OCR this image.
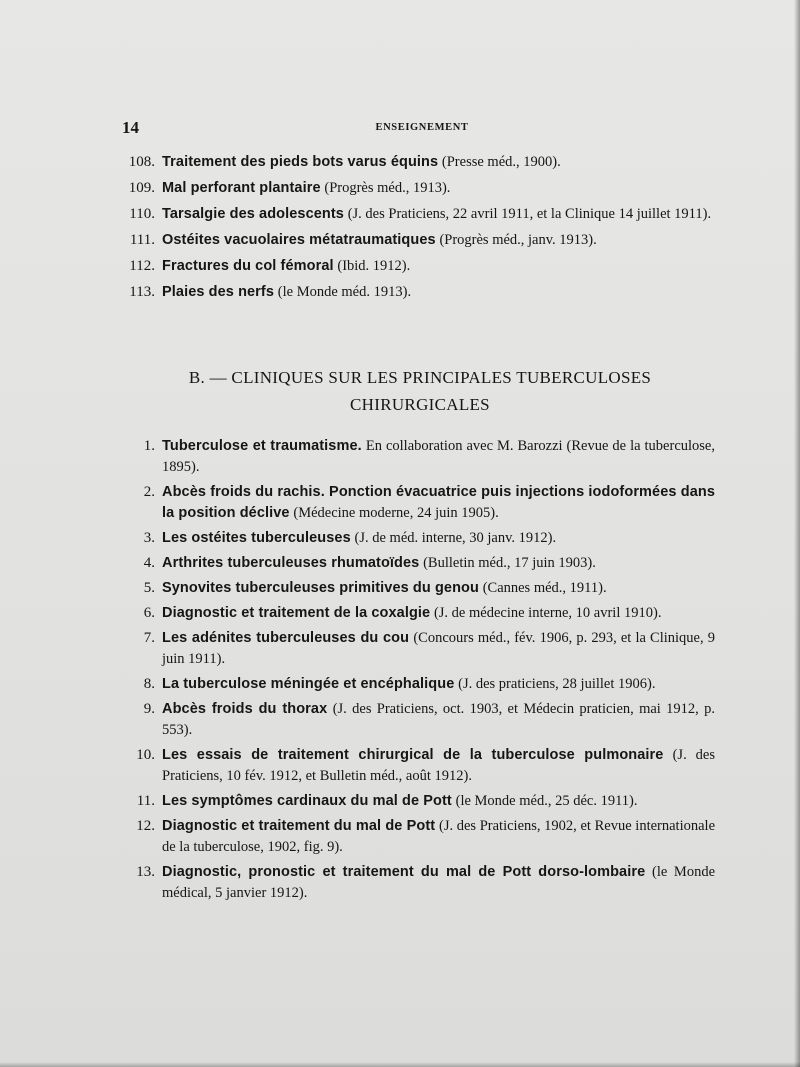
14	ENSEIGNEMENT

108. Traitement des pieds bots varus équins (Presse méd., 1900).

109. Mal perforant plantaire (Progrès méd., 1913).

110. Tarsalgie des adolescents (J. des Praticiens, 22 avril 1911, et la Clinique 14 juillet 1911).

111. Ostéites vacuolaires métatraumatiques (Progrès méd., janv. 1913).

112. Fractures du col fémoral (Ibid. 1912).

113. Plaies des nerfs (le Monde méd. 1913).

B. — CLINIQUES SUR LES PRINCIPALES TUBERCULOSES
CHIRURGICALES

1. Tuberculose et traumatisme. En collaboration avec M. Barozzi (Revue de la tuberculose, 1895).

2. Abcès froids du rachis. Ponction évacuatrice puis injections iodoformées dans la position déclive (Médecine moderne, 24 juin 1905).

3. Les ostéites tuberculeuses (J. de méd. interne, 30 janv. 1912).

4. Arthrites tuberculeuses rhumatoïdes (Bulletin méd., 17 juin 1903).

5. Synovites tuberculeuses primitives du genou (Cannes méd., 1911).

6. Diagnostic et traitement de la coxalgie (J. de médecine interne, 10 avril 1910).

7. Les adénites tuberculeuses du cou (Concours méd., fév. 1906, p. 293, et la Clinique, 9 juin 1911).

8. La tuberculose méningée et encéphalique (J. des praticiens, 28 juillet 1906).

9. Abcès froids du thorax (J. des Praticiens, oct. 1903, et Médecin praticien, mai 1912, p. 553).

10. Les essais de traitement chirurgical de la tuberculose pulmonaire (J. des Praticiens, 10 fév. 1912, et Bulletin méd., août 1912).

11. Les symptômes cardinaux du mal de Pott (le Monde méd., 25 déc. 1911).

12. Diagnostic et traitement du mal de Pott (J. des Praticiens, 1902, et Revue internationale de la tuberculose, 1902, fig. 9).

13. Diagnostic, pronostic et traitement du mal de Pott dorso-lombaire (le Monde médical, 5 janvier 1912).
